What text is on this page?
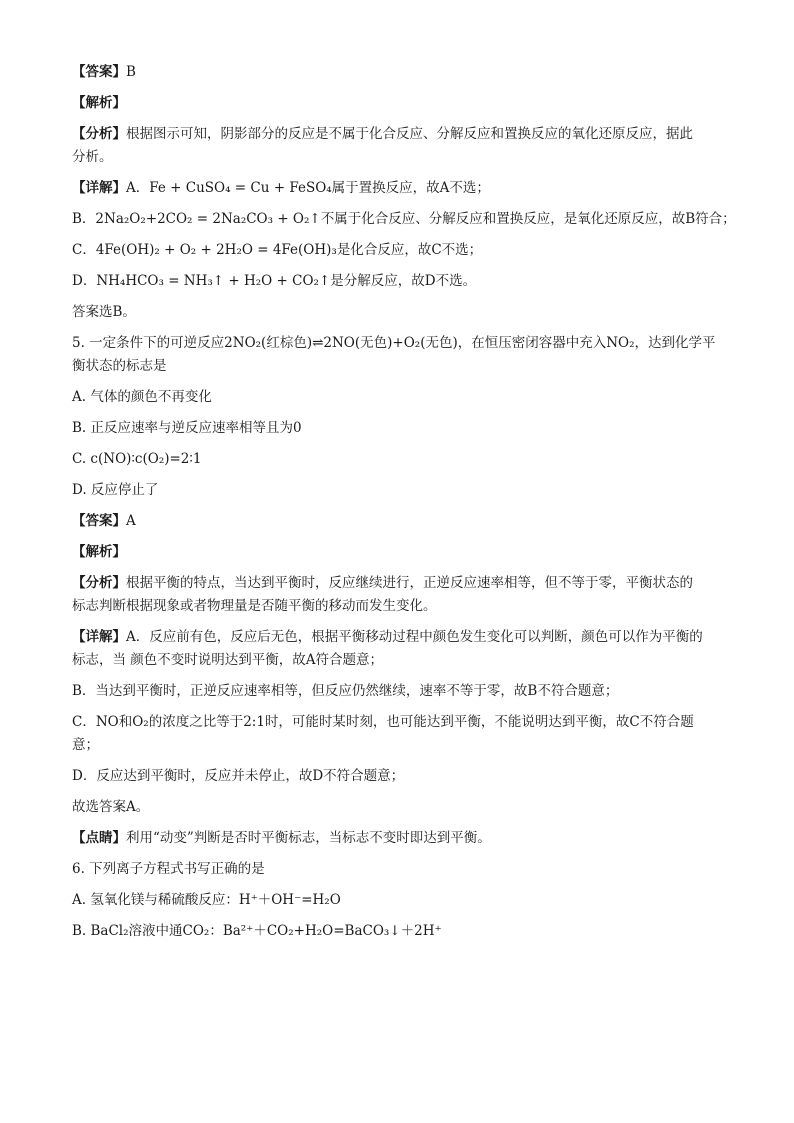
【答案】B
【解析】
【分析】根据图示可知，阴影部分的反应是不属于化合反应、分解反应和置换反应的氧化还原反应，据此
分析。
【详解】A．Fe + CuSO₄ = Cu + FeSO₄属于置换反应，故A不选；
B．2Na₂O₂+2CO₂ = 2Na₂CO₃ + O₂↑不属于化合反应、分解反应和置换反应，是氧化还原反应，故B符合；
C．4Fe(OH)₂ + O₂ + 2H₂O = 4Fe(OH)₃是化合反应，故C不选；
D．NH₄HCO₃ = NH₃↑ + H₂O + CO₂↑是分解反应，故D不选。
答案选B。
5. 一定条件下的可逆反应2NO₂(红棕色)⇌2NO(无色)+O₂(无色)，在恒压密闭容器中充入NO₂，达到化学平
衡状态的标志是
A. 气体的颜色不再变化
B. 正反应速率与逆反应速率相等且为0
C. c(NO)∶c(O₂)=2∶1
D. 反应停止了
【答案】A
【解析】
【分析】根据平衡的特点，当达到平衡时，反应继续进行，正逆反应速率相等，但不等于零，平衡状态的
标志判断根据现象或者物理量是否随平衡的移动而发生变化。
【详解】A．反应前有色，反应后无色，根据平衡移动过程中颜色发生变化可以判断，颜色可以作为平衡的
标志，当 颜色不变时说明达到平衡，故A符合题意；
B．当达到平衡时，正逆反应速率相等，但反应仍然继续，速率不等于零，故B不符合题意；
C．NO和O₂的浓度之比等于2:1时，可能时某时刻，也可能达到平衡，不能说明达到平衡，故C不符合题
意；
D．反应达到平衡时，反应并未停止，故D不符合题意；
故选答案A。
【点睛】利用“动变”判断是否时平衡标志，当标志不变时即达到平衡。
6. 下列离子方程式书写正确的是
A. 氢氧化镁与稀硫酸反应：H⁺＋OH⁻=H₂O
B. BaCl₂溶液中通CO₂：Ba²⁺＋CO₂+H₂O=BaCO₃↓＋2H⁺
